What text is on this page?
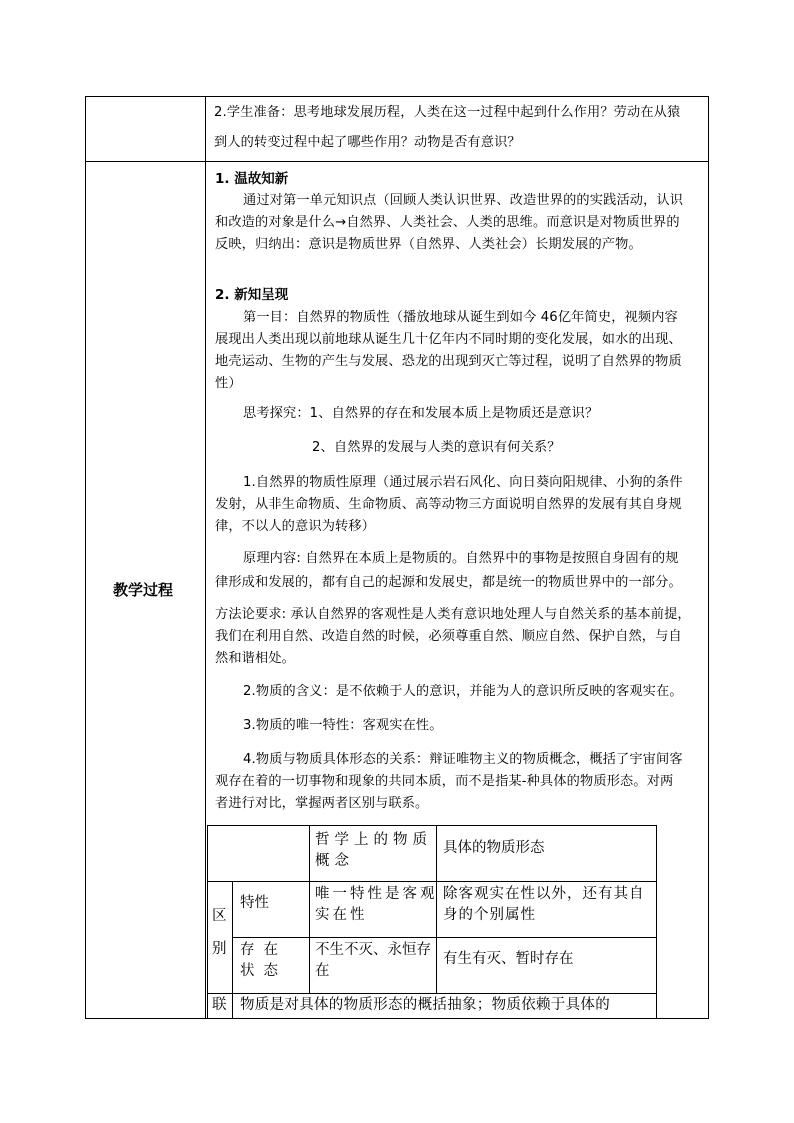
2.学生准备：思考地球发展历程，人类在这一过程中起到什么作用？劳动在从猿
到人的转变过程中起了哪些作用？动物是否有意识？
教学过程
1. 温故知新
通过对第一单元知识点（回顾人类认识世界、改造世界的的实践活动，认识
和改造的对象是什么→自然界、人类社会、人类的思维。而意识是对物质世界的
反映，归纳出：意识是物质世界（自然界、人类社会）长期发展的产物。
2. 新知呈现
第一目：自然界的物质性（播放地球从诞生到如今 46亿年简史，视频内容
展现出人类出现以前地球从诞生几十亿年内不同时期的变化发展，如水的出现、
地壳运动、生物的产生与发展、恐龙的出现到灭亡等过程，说明了自然界的物质
性）
思考探究：1、自然界的存在和发展本质上是物质还是意识？
2、自然界的发展与人类的意识有何关系？
1.自然界的物质性原理（通过展示岩石风化、向日葵向阳规律、小狗的条件
发射，从非生命物质、生命物质、高等动物三方面说明自然界的发展有其自身规
律，不以人的意识为转移）
原理内容: 自然界在本质上是物质的。自然界中的事物是按照自身固有的规
律形成和发展的，都有自己的起源和发展史，都是统一的物质世界中的一部分。
方法论要求: 承认自然界的客观性是人类有意识地处理人与自然关系的基本前提，
我们在利用自然、改造自然的时候，必须尊重自然、顺应自然、保护自然，与自
然和谐相处。
2.物质的含义：是不依赖于人的意识，并能为人的意识所反映的客观实在。
3.物质的唯一特性：客观实在性。
4.物质与物质具体形态的关系：辩证唯物主义的物质概念，概括了宇宙间客
观存在着的一切事物和现象的共同本质，而不是指某-种具体的物质形态。对两
者进行对比，掌握两者区别与联系。
哲学上的物质概念
具体的物质形态
区
别
特性
唯一特性是客观实在性
除客观实在性以外，还有其自身的个别属性
存在状态
不生不灭、永恒存在
有生有灭、暂时存在
联 物质是对具体的物质形态的概括抽象；物质依赖于具体的
